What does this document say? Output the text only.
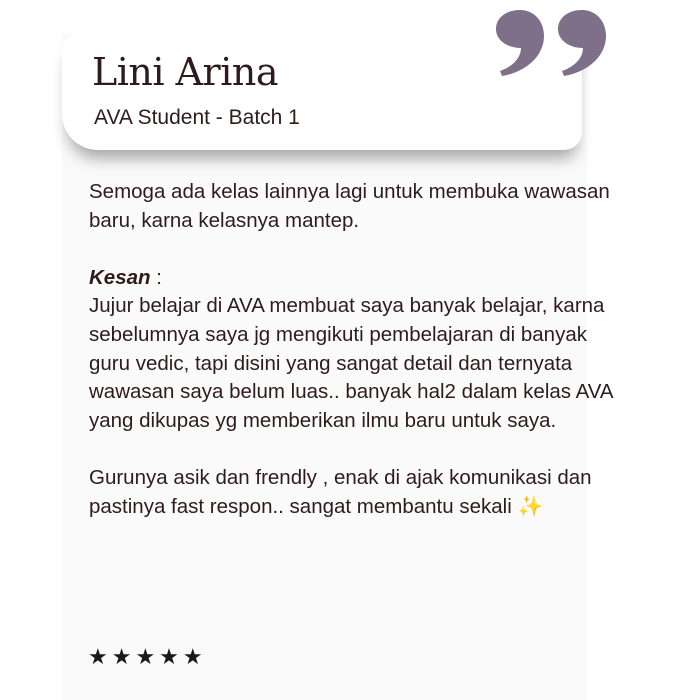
Lini Arina
AVA Student - Batch 1

Semoga ada kelas lainnya lagi untuk membuka wawasan baru, karna kelasnya mantep.

Kesan :

Jujur belajar di AVA membuat saya banyak belajar, karna sebelumnya saya jg mengikuti pembelajaran di banyak guru vedic, tapi disini yang sangat detail dan ternyata wawasan saya belum luas.. banyak hal2 dalam kelas AVA yang dikupas yg memberikan ilmu baru untuk saya.

Gurunya asik dan frendly , enak di ajak komunikasi dan pastinya fast respon.. sangat membantu sekali ✨

★★★★★
